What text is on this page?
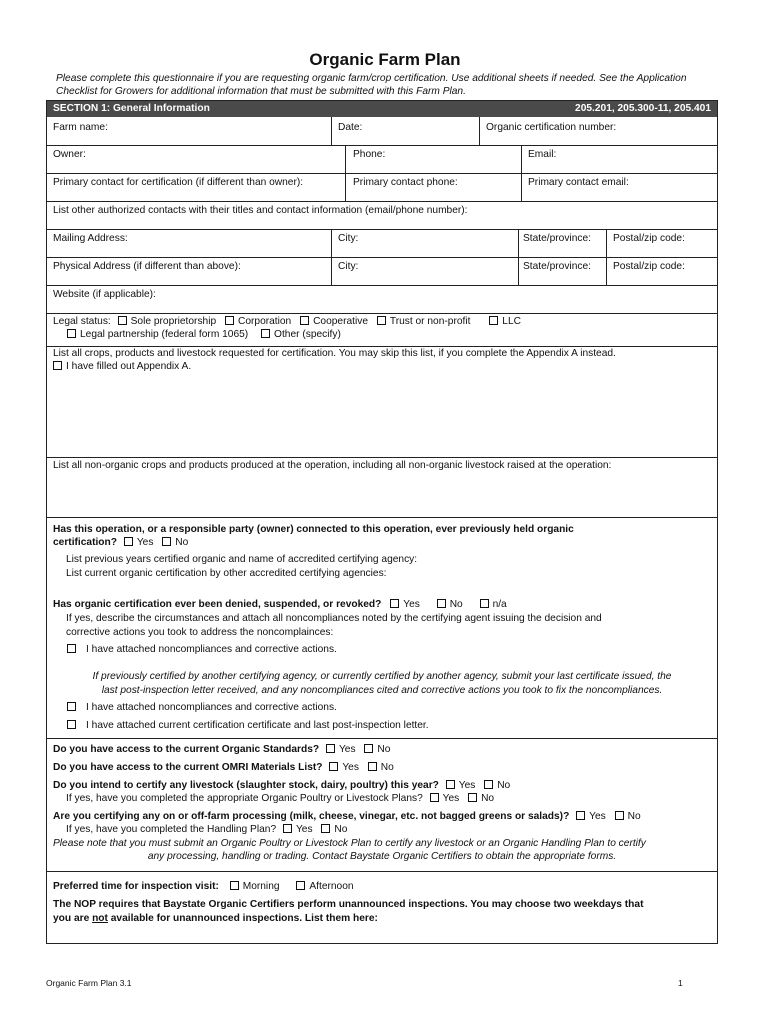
Organic Farm Plan
Please complete this questionnaire if you are requesting organic farm/crop certification. Use additional sheets if needed. See the Application Checklist for Growers for additional information that must be submitted with this Farm Plan.
SECTION 1: General Information	205.201, 205.300-11, 205.401
Farm name:	Date:	Organic certification number:
Owner:	Phone:	Email:
Primary contact for certification (if different than owner):	Primary contact phone:	Primary contact email:
List other authorized contacts with their titles and contact information (email/phone number):
Mailing Address:	City:	State/province: Postal/zip code:
Physical Address (if different than above):	City:	State/province: Postal/zip code:
Website (if applicable):
Legal status: Sole proprietorship Corporation Cooperative Trust or non-profit	LLC
Legal partnership (federal form 1065)	Other (specify)
List all crops, products and livestock requested for certification. You may skip this list, if you complete the Appendix A instead.
I have filled out Appendix A.
List all non-organic crops and products produced at the operation, including all non-organic livestock raised at the operation:
Has this operation, or a responsible party (owner) connected to this operation, ever previously held organic
certification? Yes No
List previous years certified organic and name of accredited certifying agency:
List current organic certification by other accredited certifying agencies:
Has organic certification ever been denied, suspended, or revoked? Yes	No	n/a
If yes, describe the circumstances and attach all noncompliances noted by the certifying agent issuing the decision and
corrective actions you took to address the noncomplainces:
I have attached noncompliances and corrective actions.
If previously certified by another certifying agency, or currently certified by another agency, submit your last certificate issued, the
last post-inspection letter received, and any noncompliances cited and corrective actions you took to fix the noncompliances.
I have attached noncompliances and corrective actions.
I have attached current certification certificate and last post-inspection letter.
Do you have access to the current Organic Standards? Yes No
Do you have access to the current OMRI Materials List? Yes No
Do you intend to certify any livestock (slaughter stock, dairy, poultry) this year? Yes No
If yes, have you completed the appropriate Organic Poultry or Livestock Plans? Yes No
Are you certifying any on or off-farm processing (milk, cheese, vinegar, etc. not bagged greens or salads)? Yes No
If yes, have you completed the Handling Plan? Yes No
Please note that you must submit an Organic Poultry or Livestock Plan to certify any livestock or an Organic Handling Plan to certify
any processing, handling or trading. Contact Baystate Organic Certifiers to obtain the appropriate forms.
Preferred time for inspection visit: Morning	Afternoon
The NOP requires that Baystate Organic Certifiers perform unannounced inspections. You may choose two weekdays that
you are not available for unannounced inspections. List them here:
Organic Farm Plan 3.1	1
